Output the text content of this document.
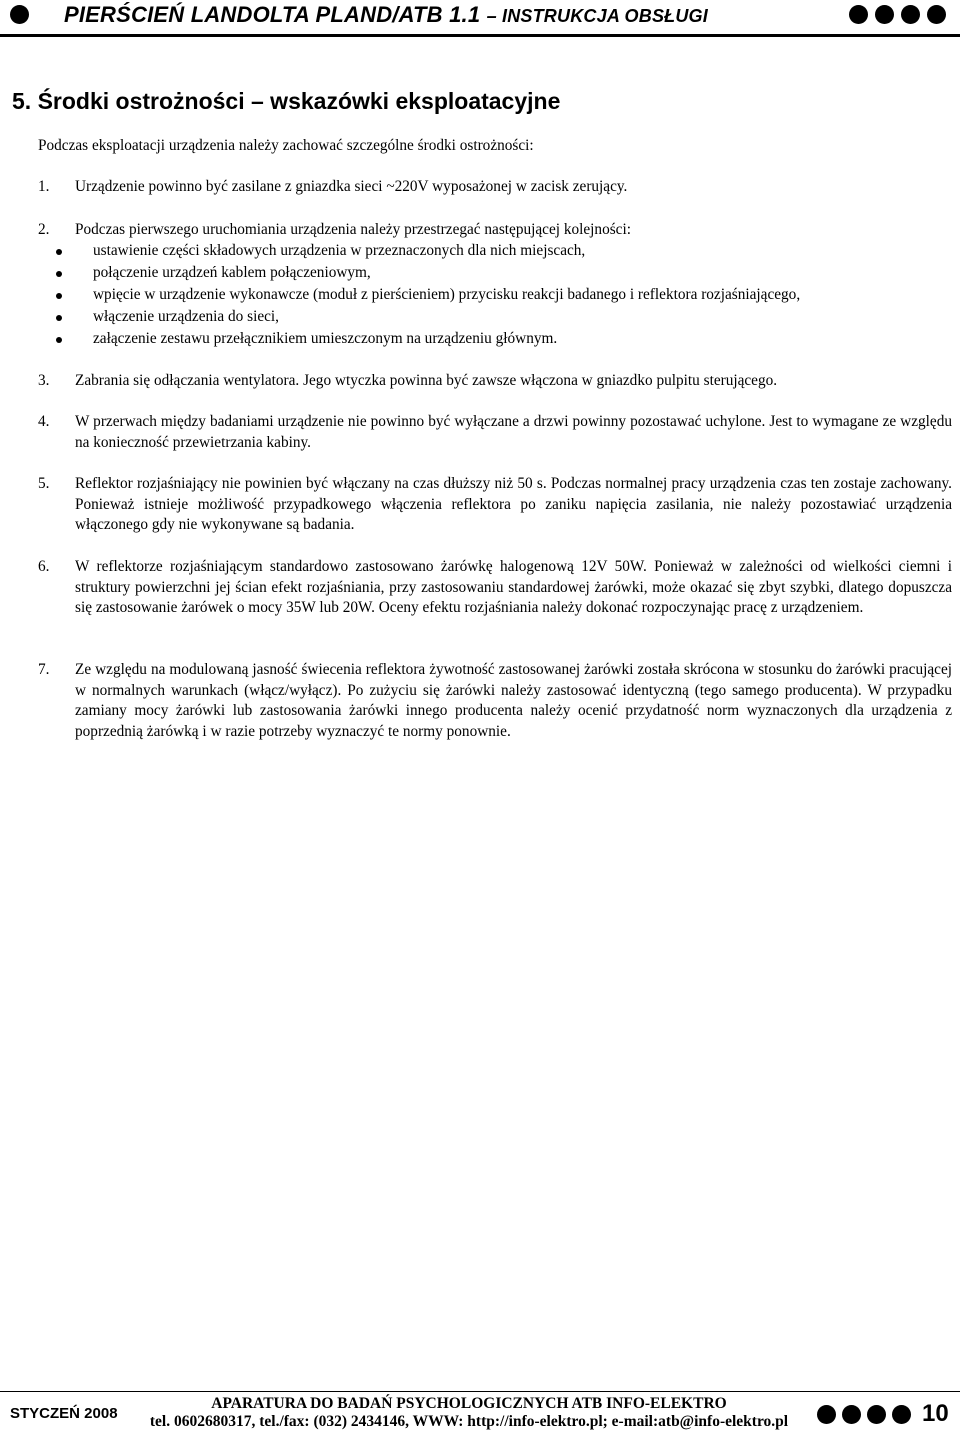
PIERŚCIEŃ LANDOLTA PLAND/ATB 1.1 – INSTRUKCJA OBSŁUGI
5. Środki ostrożności – wskazówki eksploatacyjne
Podczas eksploatacji urządzenia należy zachować szczególne środki ostrożności:
1.	Urządzenie powinno być zasilane z gniazdka sieci ~220V wyposażonej w zacisk zerujący.
2.	Podczas pierwszego uruchomiania urządzenia należy przestrzegać następującej kolejności:
ustawienie części składowych urządzenia w przeznaczonych dla nich miejscach,
połączenie urządzeń kablem połączeniowym,
wpięcie w urządzenie wykonawcze (moduł z pierścieniem) przycisku reakcji badanego i reflektora rozjaśniającego,
włączenie urządzenia do sieci,
załączenie zestawu przełącznikiem umieszczonym na urządzeniu głównym.
3.	Zabrania się odłączania wentylatora. Jego wtyczka powinna być zawsze włączona w gniazdko pulpitu sterującego.
4.	W przerwach między badaniami urządzenie nie powinno być wyłączane a drzwi powinny pozostawać uchylone. Jest to wymagane ze względu na konieczność przewietrzania kabiny.
5.	Reflektor rozjaśniający nie powinien być włączany na czas dłuższy niż 50 s. Podczas normalnej pracy urządzenia czas ten zostaje zachowany. Ponieważ istnieje możliwość przypadkowego włączenia reflektora po zaniku napięcia zasilania, nie należy pozostawiać urządzenia włączonego gdy nie wykonywane są badania.
6.	W reflektorze rozjaśniającym standardowo zastosowano żarówkę halogenową 12V 50W. Ponieważ w zależności od wielkości ciemni i struktury powierzchni jej ścian efekt rozjaśniania, przy zastosowaniu standardowej żarówki, może okazać się zbyt szybki, dlatego dopuszcza się zastosowanie żarówek o mocy 35W lub 20W. Oceny efektu rozjaśniania należy dokonać rozpoczynając pracę z urządzeniem.
7.	Ze względu na modulowaną jasność świecenia reflektora żywotność zastosowanej żarówki została skrócona w stosunku do żarówki pracującej w normalnych warunkach (włącz/wyłącz). Po zużyciu się żarówki należy zastosować identyczną (tego samego producenta). W przypadku zamiany mocy żarówki lub zastosowania żarówki innego producenta należy ocenić przydatność norm wyznaczonych dla urządzenia z poprzednią żarówką i w razie potrzeby wyznaczyć te normy ponownie.
STYCZEŃ 2008
APARATURA DO BADAŃ PSYCHOLOGICZNYCH ATB INFO-ELEKTRO
tel. 0602680317, tel./fax: (032) 2434146, WWW: http://info-elektro.pl; e-mail:atb@info-elektro.pl	10
